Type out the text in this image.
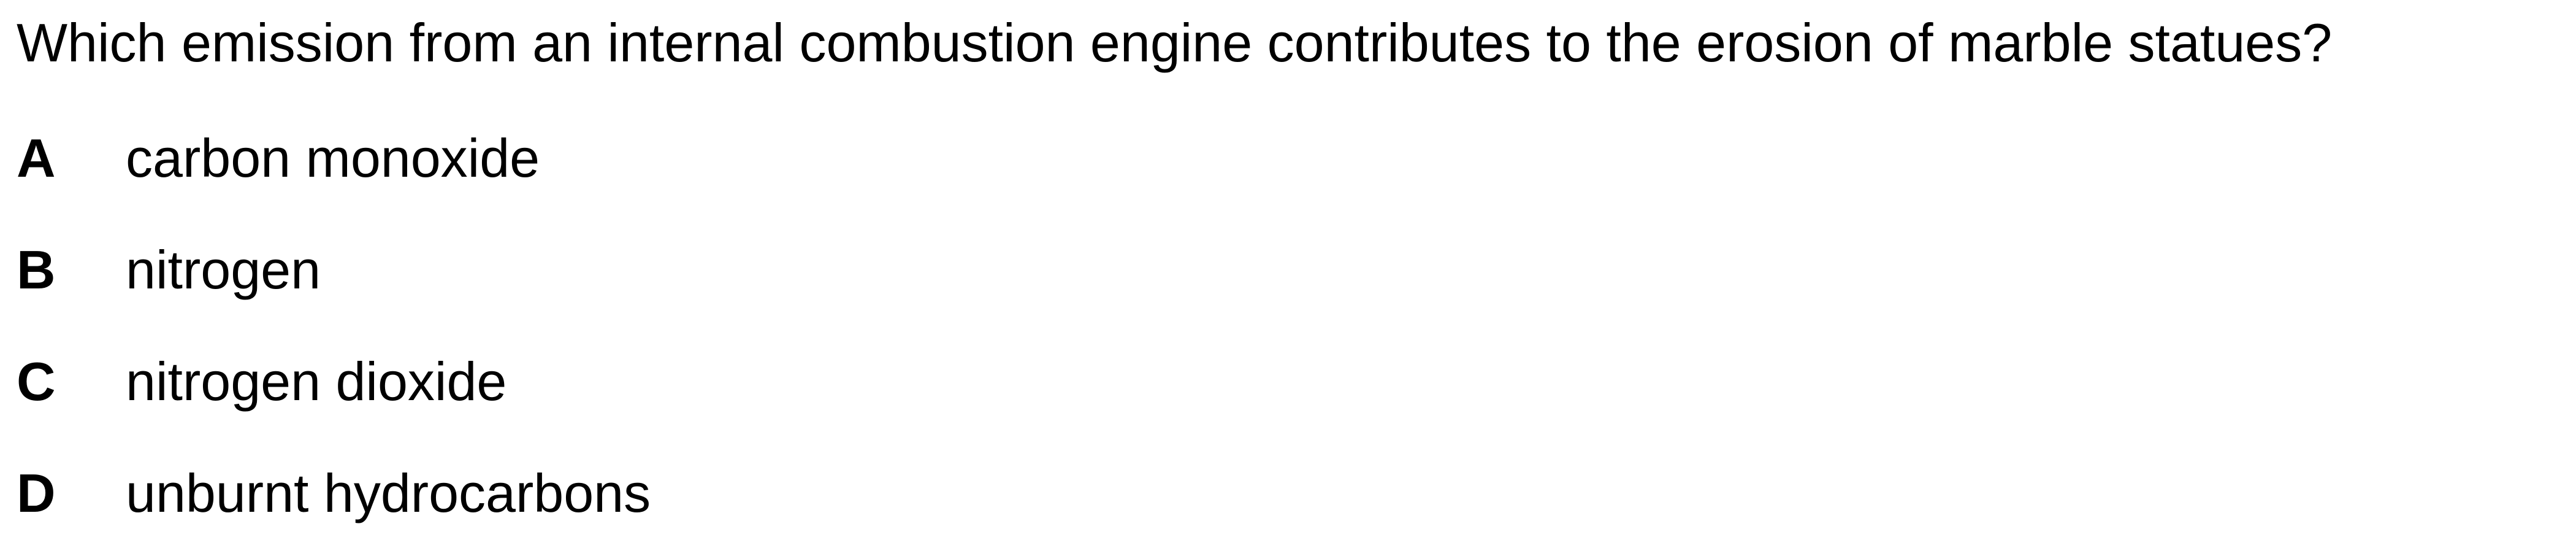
Which emission from an internal combustion engine contributes to the erosion of marble statues?
A	carbon monoxide
B	nitrogen
C	nitrogen dioxide
D	unburnt hydrocarbons
